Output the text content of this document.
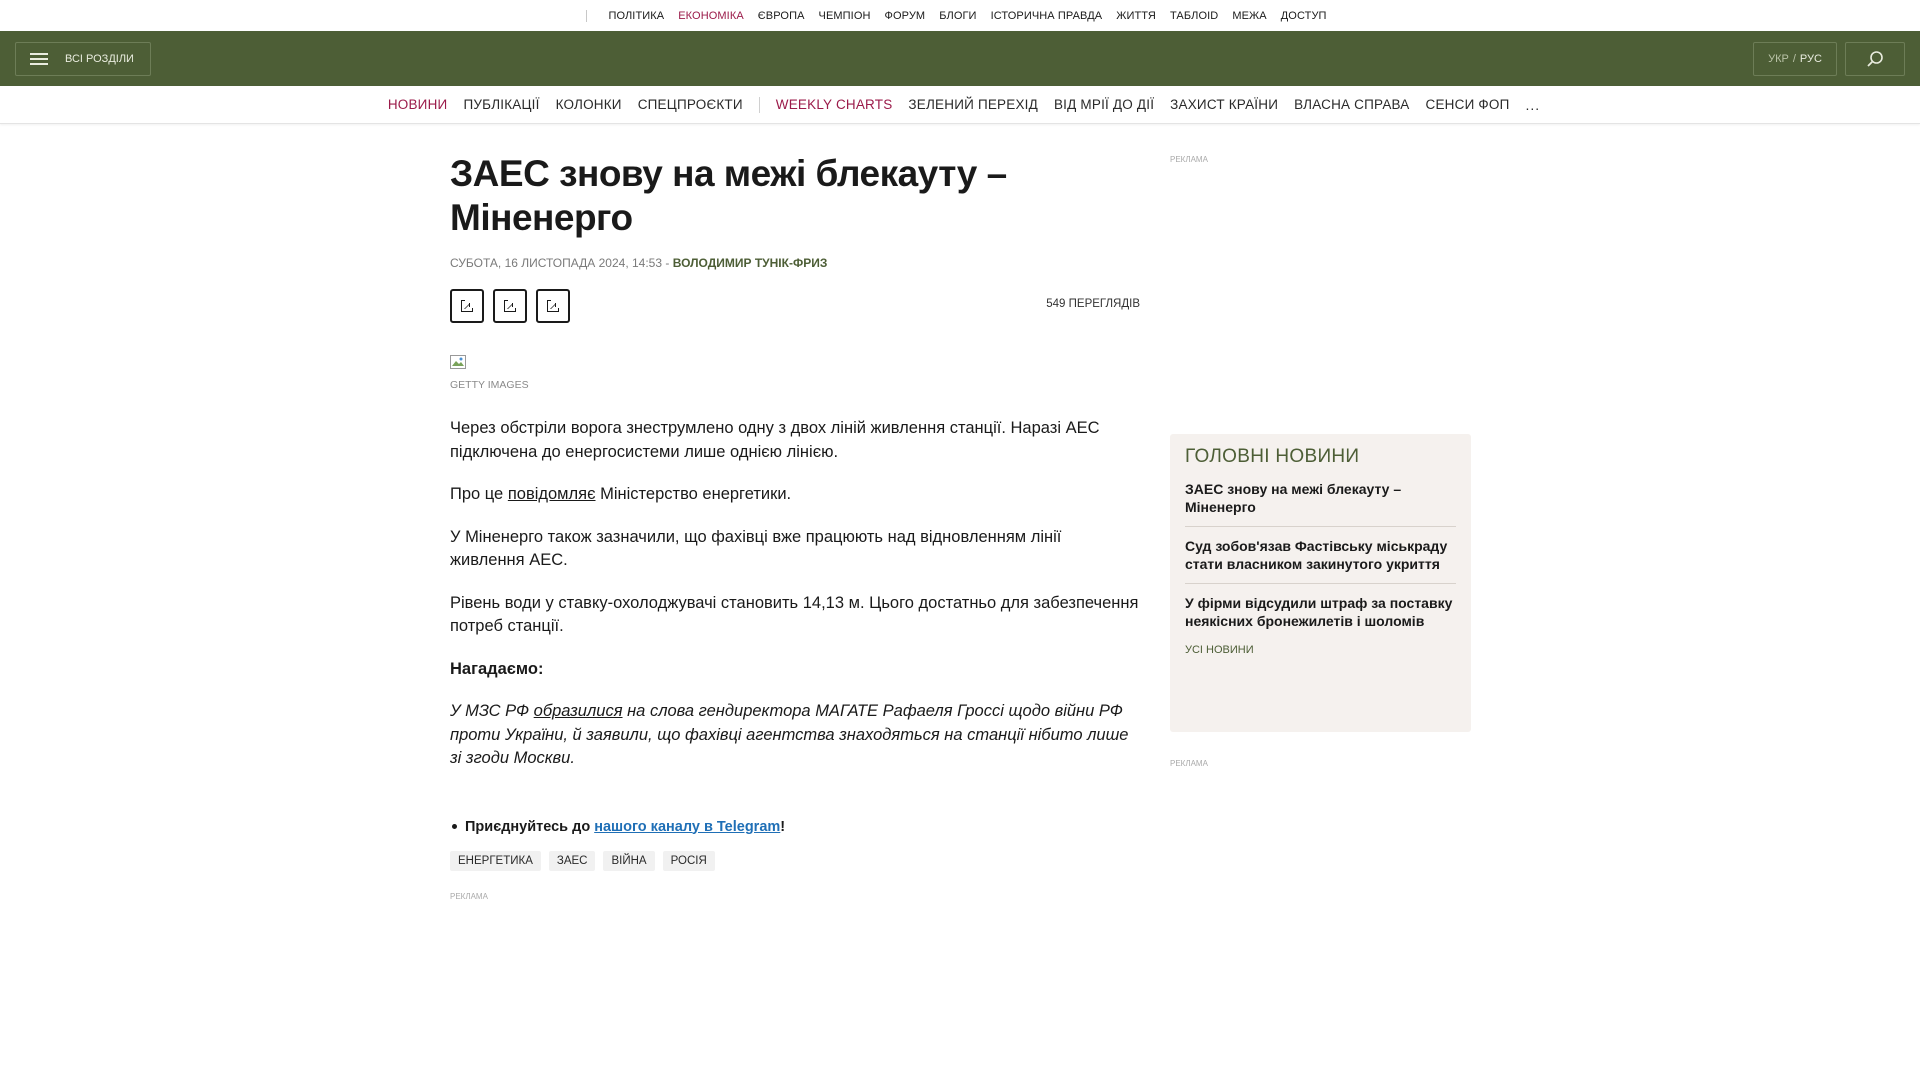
ПОЛІТИКА ЕКОНОМІКА ЄВРОПА ЧЕМПІОН ФОРУМ БЛОГИ ІСТОРИЧНА ПРАВДА ЖИТТЯ ТАБЛОІD МЕЖА ДОСТУП
ВСІ РОЗДІЛИ	УКР / РУС
НОВИНИ ПУБЛІКАЦІЇ КОЛОНКИ СПЕЦПРОЄКТИ WEEKLY CHARTS ЗЕЛЕНИЙ ПЕРЕХІД ВІД МРІЇ ДО ДІЇ ЗАХИСТ КРАЇНИ ВЛАСНА СПРАВА СЕНСИ ФОП ...
ЗАЕС знову на межі блекауту – Міненерго
СУБОТА, 16 ЛИСТОПАДА 2024, 14:53 - ВОЛОДИМИР ТУНІК-ФРИЗ
549 ПЕРЕГЛЯДІВ
GETTY IMAGES

Через обстріли ворога знеструмлено одну з двох ліній живлення станції. Наразі АЕС підключена до енергосистеми лише однією лінією.

Про це повідомляє Міністерство енергетики.

У Міненерго також зазначили, що фахівці вже працюють над відновленням лінії живлення АЕС.

Рівень води у ставку-охолоджувачі становить 14,13 м. Цього достатньо для забезпечення потреб станції.

Нагадаємо:

У МЗС РФ образилися на слова гендиректора МАГАТЕ Рафаеля Гроссі щодо війни РФ проти України, й заявили, що фахівці агентства знаходяться на станції нібито лише зі згоди Москви.

Приєднуйтесь до нашого каналу в Telegram !
ЕНЕРГЕТИКА	ЗАЕС	ВІЙНА	РОСІЯ
РЕКЛАМА
РЕКЛАМА
ГОЛОВНІ НОВИНИ
ЗАЕС знову на межі блекауту – Міненерго
Суд зобов'язав Фастівську міськраду стати власником закинутого укриття
У фірми відсудили штраф за поставку неякісних бронежилетів і шоломів
УСІ НОВИНИ
РЕКЛАМА
